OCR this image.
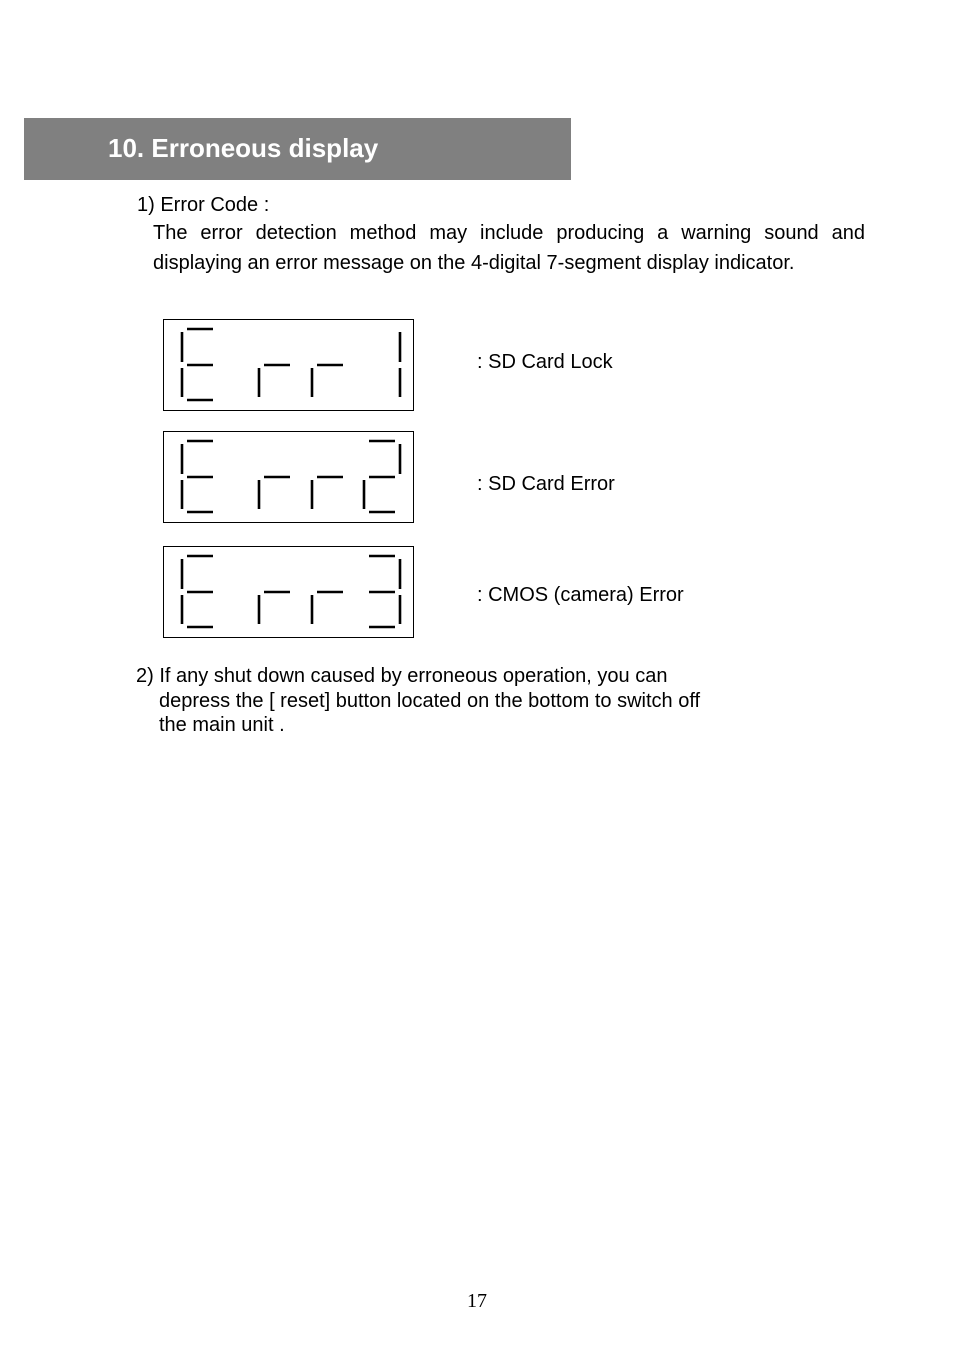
10. Erroneous display
1) Error Code :
The error detection method may include producing a warning sound and displaying an error message on the 4-digital 7-segment display indicator.
: SD Card Lock
: SD Card Error
: CMOS (camera) Error
2) If any shut down caused by erroneous operation, you can
depress the [ reset] button located on the bottom to switch off
the main unit .
17
